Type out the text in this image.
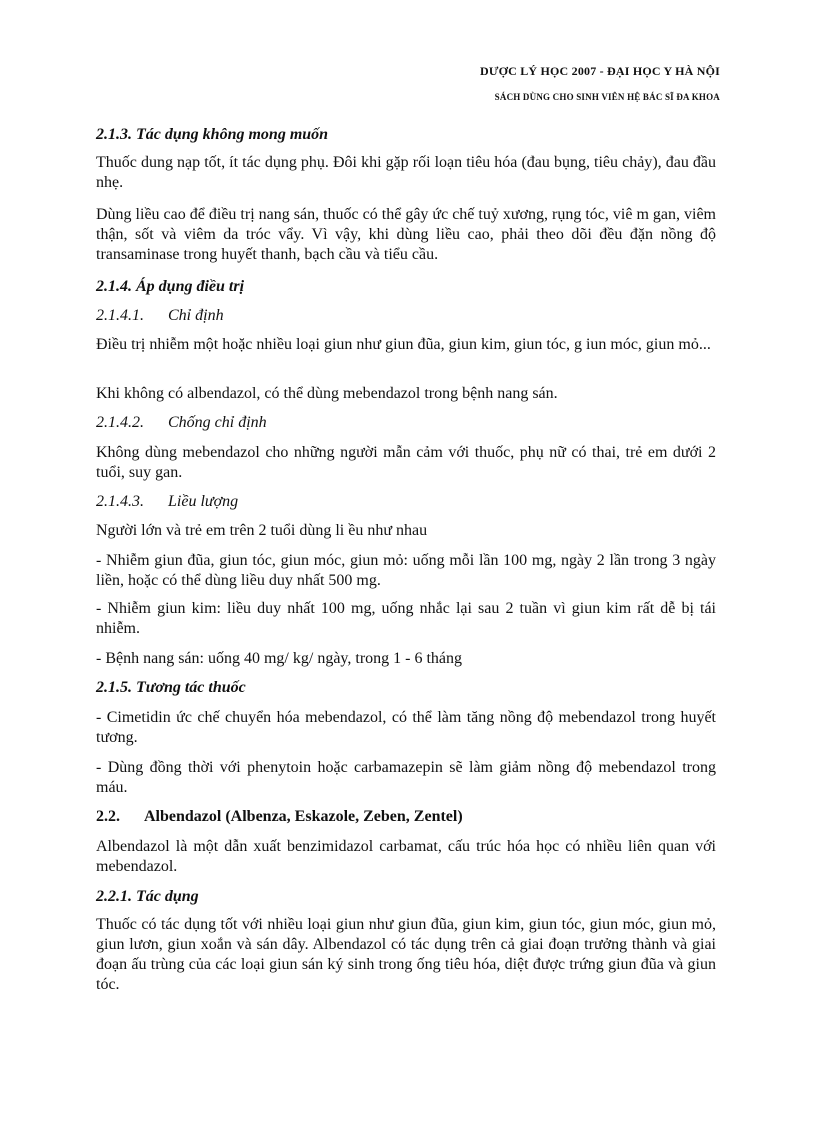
DƯỢC LÝ HỌC 2007 - ĐẠI HỌC Y HÀ NỘI
SÁCH DÙNG CHO SINH VIÊN HỆ BÁC SĨ ĐA KHOA
2.1.3. Tác dụng không mong muốn
Thuốc dung nạp tốt, ít tác dụng phụ. Đôi khi gặp rối loạn tiêu hóa (đau bụng, tiêu chảy), đau đầu nhẹ.
Dùng liều cao để điều trị nang sán, thuốc có thể gây ức chế tuỷ xương, rụng tóc, viê m gan, viêm thận, sốt và viêm da tróc vẩy. Vì vậy, khi dùng liều cao, phải theo dõi đều đặn nồng độ transaminase trong huyết thanh, bạch cầu và tiểu cầu.
2.1.4. Áp dụng điều trị
2.1.4.1. Chỉ định
Điều trị nhiễm một hoặc nhiều loại giun như giun đũa, giun kim, giun tóc, g iun móc, giun mỏ...
Khi không có albendazol, có thể dùng mebendazol trong bệnh nang sán.
2.1.4.2. Chống chỉ định
Không dùng mebendazol cho những người mẫn cảm với thuốc, phụ nữ có thai, trẻ em dưới 2 tuổi, suy gan.
2.1.4.3. Liều lượng
Người lớn và trẻ em trên 2 tuổi dùng li ều như nhau
- Nhiễm giun đũa, giun tóc, giun móc, giun mỏ: uống mỗi lần 100 mg, ngày 2 lần trong 3 ngày liền, hoặc có thể dùng liều duy nhất 500 mg.
- Nhiễm giun kim: liều duy nhất 100 mg, uống nhắc lại sau 2 tuần vì giun kim rất dễ bị tái nhiễm.
- Bệnh nang sán: uống 40 mg/ kg/ ngày, trong 1 - 6 tháng
2.1.5. Tương tác thuốc
- Cimetidin ức chế chuyển hóa mebendazol, có thể làm tăng nồng độ mebendazol trong huyết tương.
- Dùng đồng thời với phenytoin hoặc carbamazepin sẽ làm giảm nồng độ mebendazol trong máu.
2.2. Albendazol (Albenza, Eskazole, Zeben, Zentel)
Albendazol là một dẫn xuất benzimidazol carbamat, cấu trúc hóa học có nhiều liên quan với mebendazol.
2.2.1. Tác dụng
Thuốc có tác dụng tốt với nhiều loại giun như giun đũa, giun kim, giun tóc, giun móc, giun mỏ, giun lươn, giun xoắn và sán dây. Albendazol có tác dụng trên cả giai đoạn trưởng thành và giai đoạn ấu trùng của các loại giun sán ký sinh trong ống tiêu hóa, diệt được trứng giun đũa và giun tóc.
